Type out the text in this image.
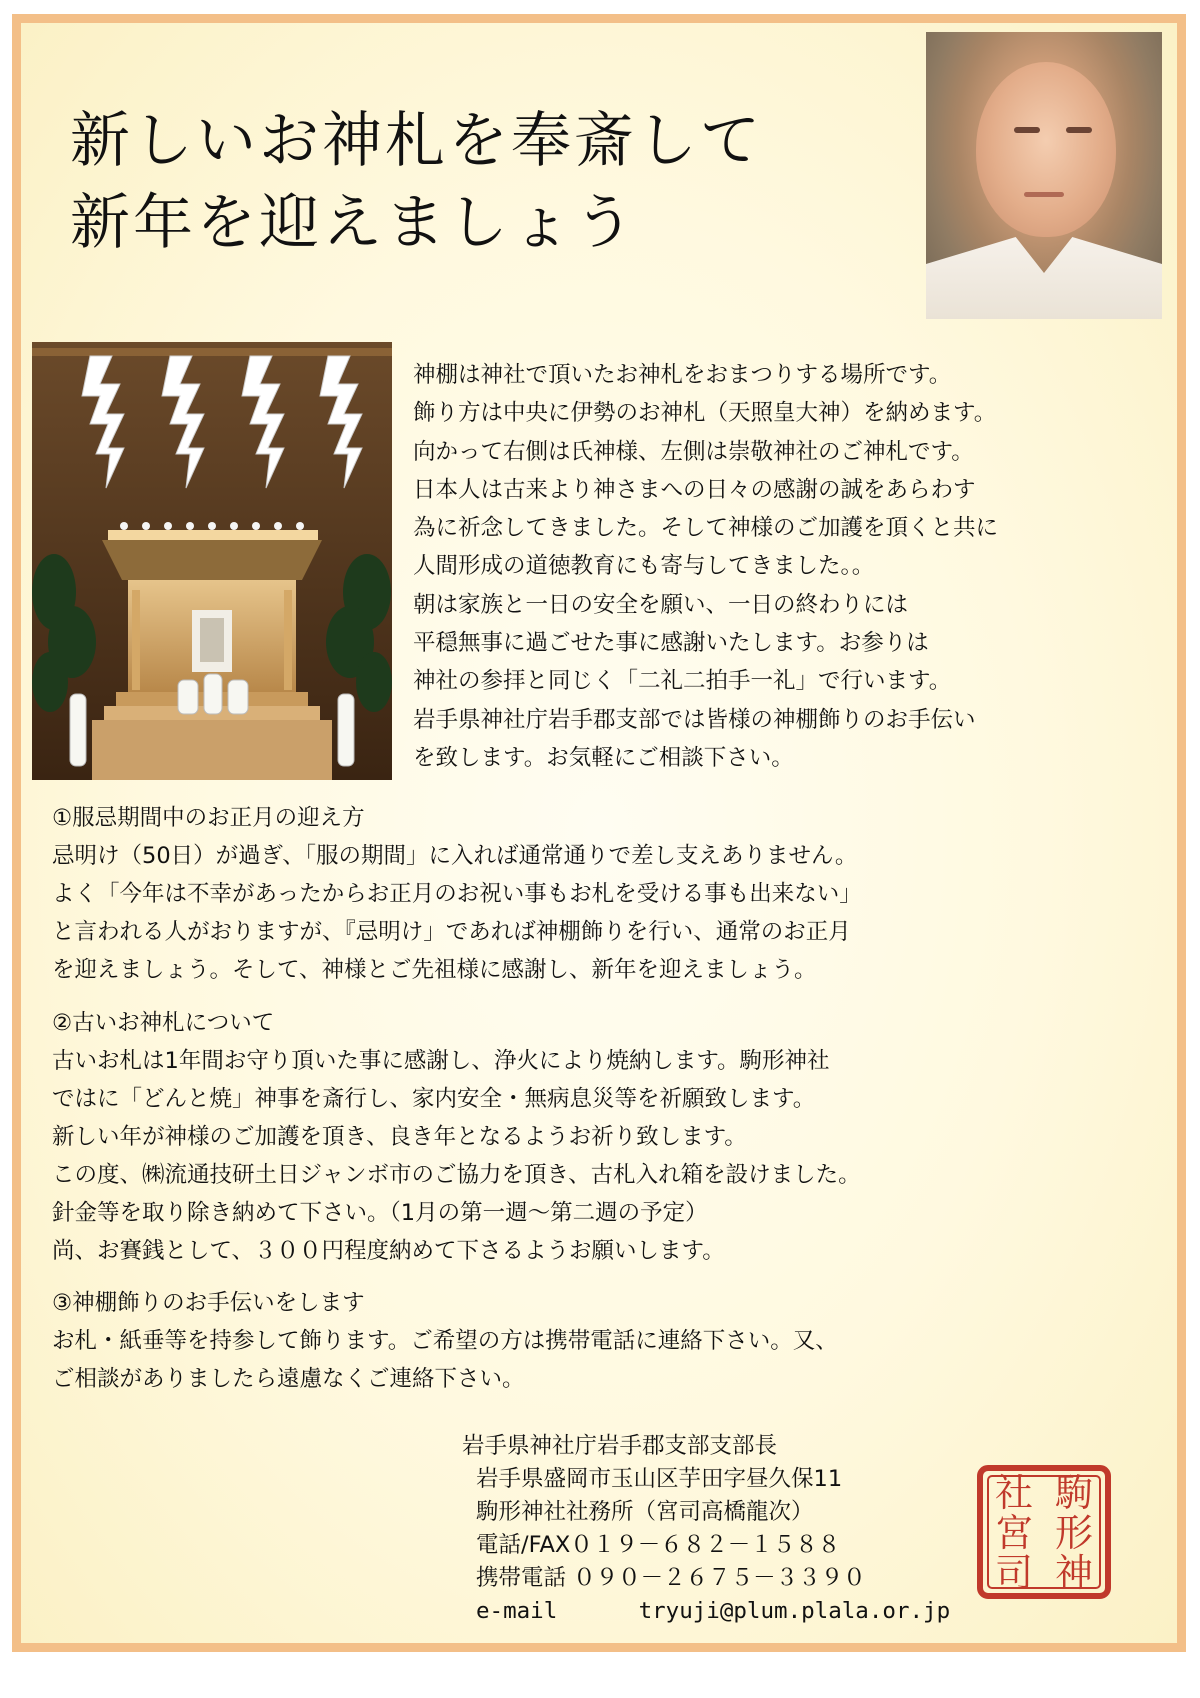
新しいお神札を奉斎して
新年を迎えましょう

神棚は神社で頂いたお神札をおまつりする場所です。

飾り方は中央に伊勢のお神札（天照皇大神）を納めます。

向かって右側は氏神様、左側は崇敬神社のご神札です。

日本人は古来より神さまへの日々の感謝の誠をあらわす

為に祈念してきました。そして神様のご加護を頂くと共に

人間形成の道徳教育にも寄与してきました。。

朝は家族と一日の安全を願い、一日の終わりには

平穏無事に過ごせた事に感謝いたします。お参りは

神社の参拝と同じく「二礼二拍手一礼」で行います。

岩手県神社庁岩手郡支部では皆様の神棚飾りのお手伝い

を致します。お気軽にご相談下さい。

①服忌期間中のお正月の迎え方

忌明け（50日）が過ぎ、「服の期間」に入れば通常通りで差し支えありません。

よく「今年は不幸があったからお正月のお祝い事もお札を受ける事も出来ない」

と言われる人がおりますが、『忌明け」であれば神棚飾りを行い、通常のお正月

を迎えましょう。そして、神様とご先祖様に感謝し、新年を迎えましょう。

②古いお神札について

古いお札は1年間お守り頂いた事に感謝し、浄火により焼納します。駒形神社

ではに「どんと焼」神事を斎行し、家内安全・無病息災等を祈願致します。

新しい年が神様のご加護を頂き、良き年となるようお祈り致します。

この度、㈱流通技研土日ジャンボ市のご協力を頂き、古札入れ箱を設けました。

針金等を取り除き納めて下さい。（1月の第一週～第二週の予定）

尚、お賽銭として、３００円程度納めて下さるようお願いします。

③神棚飾りのお手伝いをします

お札・紙垂等を持参して飾ります。ご希望の方は携帯電話に連絡下さい。又、

ご相談がありましたら遠慮なくご連絡下さい。

岩手県神社庁岩手郡支部支部長
岩手県盛岡市玉山区芋田字昼久保11
駒形神社社務所（宮司高橋龍次）
電話/FAX０１９－６８２－１５８８
携帯電話 ０９０－２６７５－３３９０
e-mail	tryuji@plum.plala.or.jp
駒
形
神
社
宮
司
